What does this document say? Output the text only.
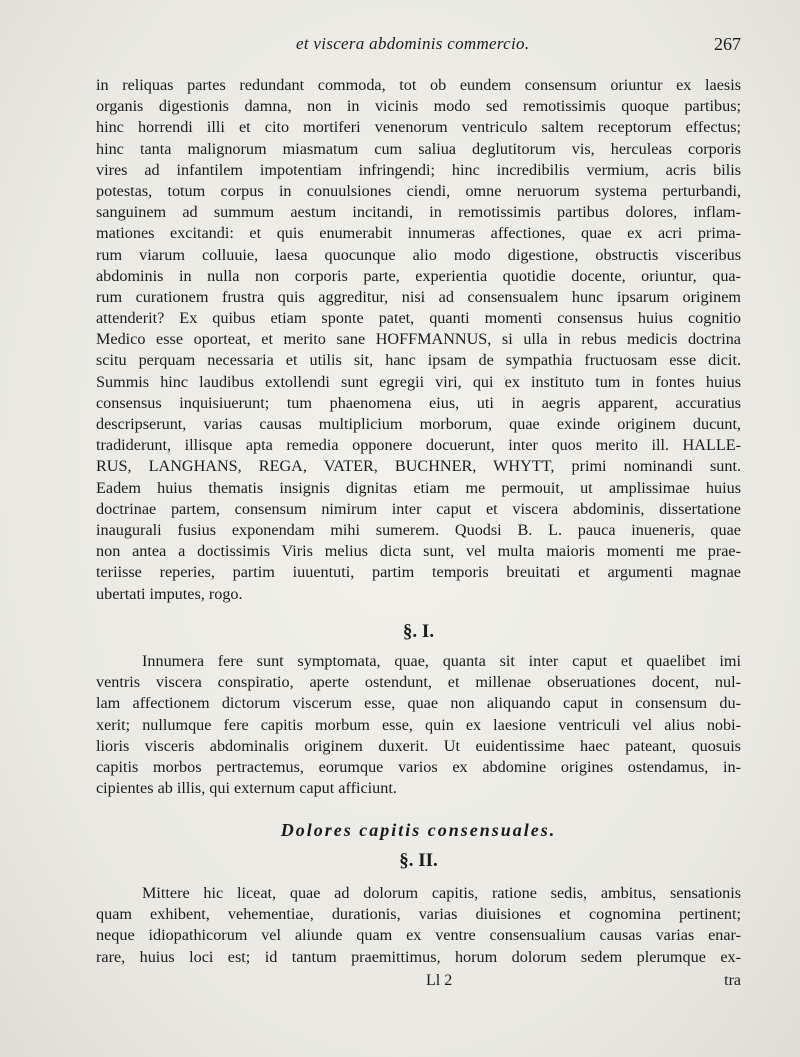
et viscera abdominis commercio.	267
in reliquas partes redundant commoda, tot ob eundem consensum oriuntur ex laesis
organis digestionis damna, non in vicinis modo sed remotissimis quoque partibus;
hinc horrendi illi et cito mortiferi venenorum ventriculo saltem receptorum effectus;
hinc tanta malignorum miasmatum cum saliua deglutitorum vis, herculeas corporis
vires ad infantilem impotentiam infringendi; hinc incredibilis vermium, acris bilis
potestas, totum corpus in conuulsiones ciendi, omne neruorum systema perturbandi,
sanguinem ad summum aestum incitandi, in remotissimis partibus dolores, inflam-
mationes excitandi: et quis enumerabit innumeras affectiones, quae ex acri prima-
rum viarum colluuie, laesa quocunque alio modo digestione, obstructis visceribus
abdominis in nulla non corporis parte, experientia quotidie docente, oriuntur, qua-
rum curationem frustra quis aggreditur, nisi ad consensualem hunc ipsarum originem
attenderit? Ex quibus etiam sponte patet, quanti momenti consensus huius cognitio
Medico esse oporteat, et merito sane HOFFMANNUS, si ulla in rebus medicis doctrina
scitu perquam necessaria et utilis sit, hanc ipsam de sympathia fructuosam esse dicit.
Summis hinc laudibus extollendi sunt egregii viri, qui ex instituto tum in fontes huius
consensus inquisiuerunt; tum phaenomena eius, uti in aegris apparent, accuratius
descripserunt, varias causas multiplicium morborum, quae exinde originem ducunt,
tradiderunt, illisque apta remedia opponere docuerunt, inter quos merito ill. HALLE-
RUS, LANGHANS, REGA, VATER, BUCHNER, WHYTT, primi nominandi sunt.
Eadem huius thematis insignis dignitas etiam me permouit, ut amplissimae huius
doctrinae partem, consensum nimirum inter caput et viscera abdominis, dissertatione
inaugurali fusius exponendam mihi sumerem. Quodsi B. L. pauca inueneris, quae
non antea a doctissimis Viris melius dicta sunt, vel multa maioris momenti me prae-
teriisse reperies, partim iuuentuti, partim temporis breuitati et argumenti magnae
ubertati imputes, rogo.
§. I.
Innumera fere sunt symptomata, quae, quanta sit inter caput et quaelibet imi
ventris viscera conspiratio, aperte ostendunt, et millenae obseruationes docent, nul-
lam affectionem dictorum viscerum esse, quae non aliquando caput in consensum du-
xerit; nullumque fere capitis morbum esse, quin ex laesione ventriculi vel alius nobi-
lioris visceris abdominalis originem duxerit. Ut euidentissime haec pateant, quosuis
capitis morbos pertractemus, eorumque varios ex abdomine origines ostendamus, in-
cipientes ab illis, qui externum caput afficiunt.
Dolores capitis consensuales.
§. II.
Mittere hic liceat, quae ad dolorum capitis, ratione sedis, ambitus, sensationis
quam exhibent, vehementiae, durationis, varias diuisiones et cognomina pertinent;
neque idiopathicorum vel aliunde quam ex ventre consensualium causas varias enar-
rare, huius loci est; id tantum praemittimus, horum dolorum sedem plerumque ex-
Ll 2	tra
